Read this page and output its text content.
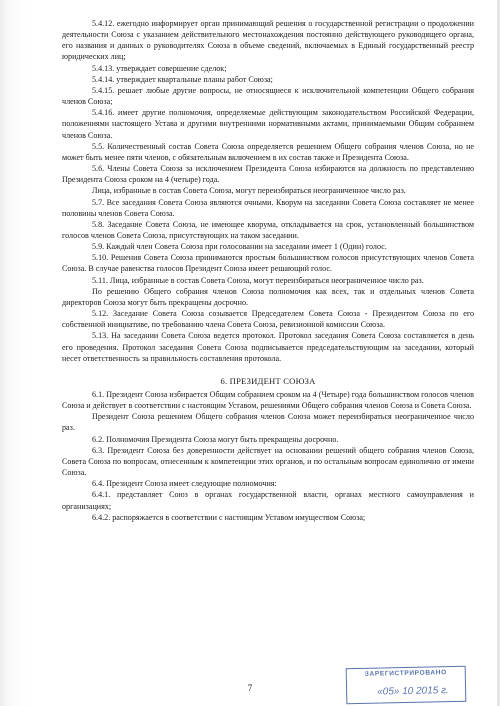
5.4.12. ежегодно информирует орган принимающий решения о государственной регистрации о продолжении деятельности Союза с указанием действительного местонахождения постоянно действующего руководящего органа, его названия и данных о руководителях Союза в объеме сведений, включаемых в Единый государственный реестр юридических лиц;

5.4.13. утверждает совершение сделок;

5.4.14. утверждает квартальные планы работ Союза;

5.4.15. решает любые другие вопросы, не относящиеся к исключительной компетенции Общего собрания членов Союза;

5.4.16. имеет другие полномочия, определяемые действующим законодательством Российской Федерации, положениями настоящего Устава и другими внутренними нормативными актами, принимаемыми Общим собранием членов Союза.

5.5. Количественный состав Совета Союза определяется решением Общего собрания членов Союза, но не может быть менее пяти членов, с обязательным включением в их состав также и Президента Союза.

5.6. Члены Совета Союза за исключением Президента Союза избираются на должность по представлению Президента Союза сроком на 4 (четыре) года.

Лица, избранные в состав Совета Союза, могут переизбираться неограниченное число раз.

5.7. Все заседания Совета Союза являются очными. Кворум на заседании Совета Союза составляет не менее половины членов Совета Союза.

5.8. Заседание Совета Союза, не имеющее кворума, откладывается на срок, установленный большинством голосов членов Совета Союза, присутствующих на таком заседании.

5.9. Каждый член Совета Союза при голосовании на заседании имеет 1 (Один) голос.

5.10. Решения Совета Союза принимаются простым большинством голосов присутствующих членов Совета Союза. В случае равенства голосов Президент Союза имеет решающий голос.

5.11. Лица, избранные в состав Совета Союза, могут переизбираться неограниченное число раз.

По решению Общего собрания членов Союза полномочия как всех, так и отдельных членов Совета директоров Союза могут быть прекращены досрочно.

5.12. Заседание Совета Союза созывается Председателем Совета Союза - Президентом Союза по его собственной инициативе, по требованию члена Совета Союза, ревизионной комиссии Союза.

5.13. На заседании Совета Союза ведется протокол. Протокол заседания Совета Союза составляется в день его проведения. Протокол заседания Совета Союза подписывается председательствующим на заседании, который несет ответственность за правильность составления протокола.

6. ПРЕЗИДЕНТ СОЮЗА

6.1. Президент Союза избирается Общим собранием сроком на 4 (Четыре) года большинством голосов членов Союза и действует в соответствии с настоящим Уставом, решениями Общего собрания членов Союза и Совета Союза.

Президент Союза решением Общего собрания членов Союза может переизбираться неограниченное число раз.

6.2. Полномочия Президента Союза могут быть прекращены досрочно.

6.3. Президент Союза без доверенности действует на основании решений общего собрания членов Союза, Совета Союза по вопросам, отнесенным к компетенции этих органов, и по остальным вопросам единолично от имени Союза.

6.4. Президент Союза имеет следующие полномочия:

6.4.1. представляет Союз в органах государственной власти, органах местного самоуправления и организациях;

6.4.2. распоряжается в соответствии с настоящим Уставом имуществом Союза;

ЗАРЕГИСТРИРОВАНО
«05» 10 2015 г.
7
